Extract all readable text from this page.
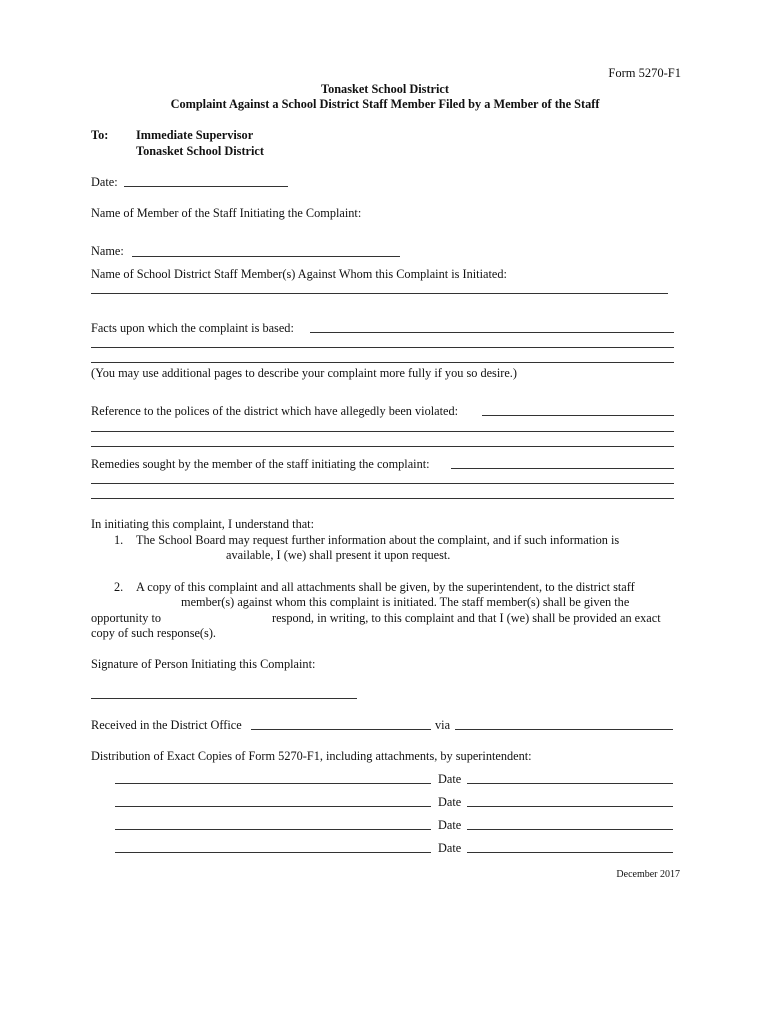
Form 5270-F1
Tonasket School District
Complaint Against a School District Staff Member Filed by a Member of the Staff
To: Immediate Supervisor
Tonasket School District
Date:
Name of Member of the Staff Initiating the Complaint:
Name:
Name of School District Staff Member(s) Against Whom this Complaint is Initiated:
Facts upon which the complaint is based:
(You may use additional pages to describe your complaint more fully if you so desire.)
Reference to the polices of the district which have allegedly been violated:
Remedies sought by the member of the staff initiating the complaint:
In initiating this complaint, I understand that:
1. The School Board may request further information about the complaint, and if such information is
available, I (we) shall present it upon request.
2. A copy of this complaint and all attachments shall be given, by the superintendent, to the district staff
member(s) against whom this complaint is initiated. The staff member(s) shall be given the
opportunity to	respond, in writing, to this complaint and that I (we) shall be provided an exact
copy of such response(s).
Signature of Person Initiating this Complaint:
Received in the District Office	via
Distribution of Exact Copies of Form 5270-F1, including attachments, by superintendent:
Date
Date
Date
Date
December 2017
